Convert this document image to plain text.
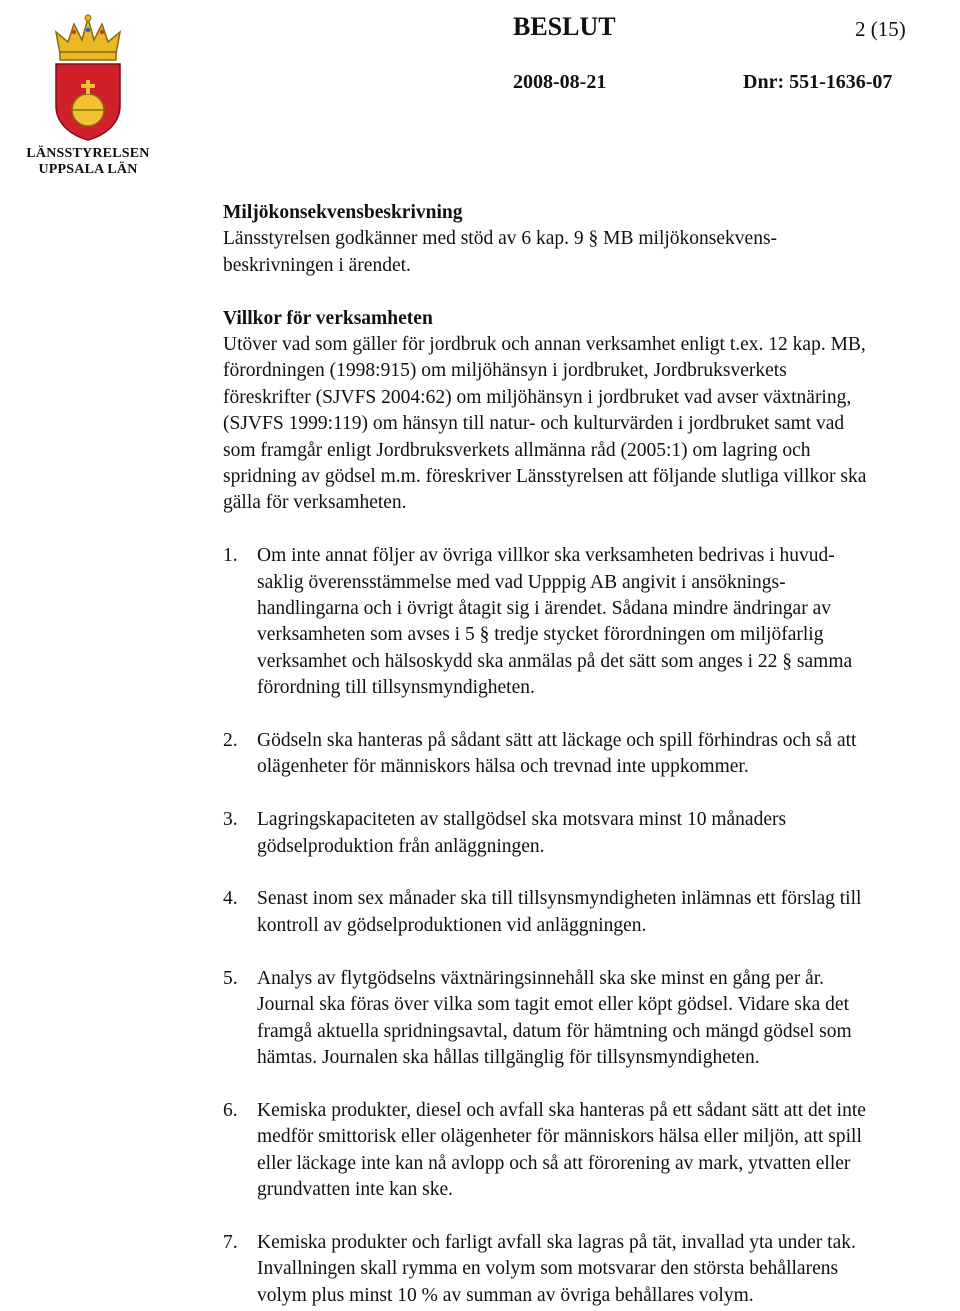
LÄNSSTYRELSEN
UPPSALA LÄN
BESLUT	2 (15)
2008-08-21	Dnr: 551-1636-07

Miljökonsekvensbeskrivning

Länsstyrelsen godkänner med stöd av 6 kap. 9 § MB miljökonsekvens-

beskrivningen i ärendet.

Villkor för verksamheten

Utöver vad som gäller för jordbruk och annan verksamhet enligt t.ex. 12 kap. MB,

förordningen (1998:915) om miljöhänsyn i jordbruket, Jordbruksverkets

föreskrifter (SJVFS 2004:62) om miljöhänsyn i jordbruket vad avser växtnäring,

(SJVFS 1999:119) om hänsyn till natur- och kulturvärden i jordbruket samt vad

som framgår enligt Jordbruksverkets allmänna råd (2005:1) om lagring och

spridning av gödsel m.m. föreskriver Länsstyrelsen att följande slutliga villkor ska

gälla för verksamheten.

1. Om inte annat följer av övriga villkor ska verksamheten bedrivas i huvud-

saklig överensstämmelse med vad Upppig AB angivit i ansöknings-

handlingarna och i övrigt åtagit sig i ärendet. Sådana mindre ändringar av

verksamheten som avses i 5 § tredje stycket förordningen om miljöfarlig

verksamhet och hälsoskydd ska anmälas på det sätt som anges i 22 § samma

förordning till tillsynsmyndigheten.

2. Gödseln ska hanteras på sådant sätt att läckage och spill förhindras och så att

olägenheter för människors hälsa och trevnad inte uppkommer.

3. Lagringskapaciteten av stallgödsel ska motsvara minst 10 månaders

gödselproduktion från anläggningen.

4. Senast inom sex månader ska till tillsynsmyndigheten inlämnas ett förslag till

kontroll av gödselproduktionen vid anläggningen.

5. Analys av flytgödselns växtnäringsinnehåll ska ske minst en gång per år.

Journal ska föras över vilka som tagit emot eller köpt gödsel. Vidare ska det

framgå aktuella spridningsavtal, datum för hämtning och mängd gödsel som

hämtas. Journalen ska hållas tillgänglig för tillsynsmyndigheten.

6. Kemiska produkter, diesel och avfall ska hanteras på ett sådant sätt att det inte

medför smittorisk eller olägenheter för människors hälsa eller miljön, att spill

eller läckage inte kan nå avlopp och så att förorening av mark, ytvatten eller

grundvatten inte kan ske.

7. Kemiska produkter och farligt avfall ska lagras på tät, invallad yta under tak.

Invallningen skall rymma en volym som motsvarar den största behållarens

volym plus minst 10 % av summan av övriga behållares volym.
